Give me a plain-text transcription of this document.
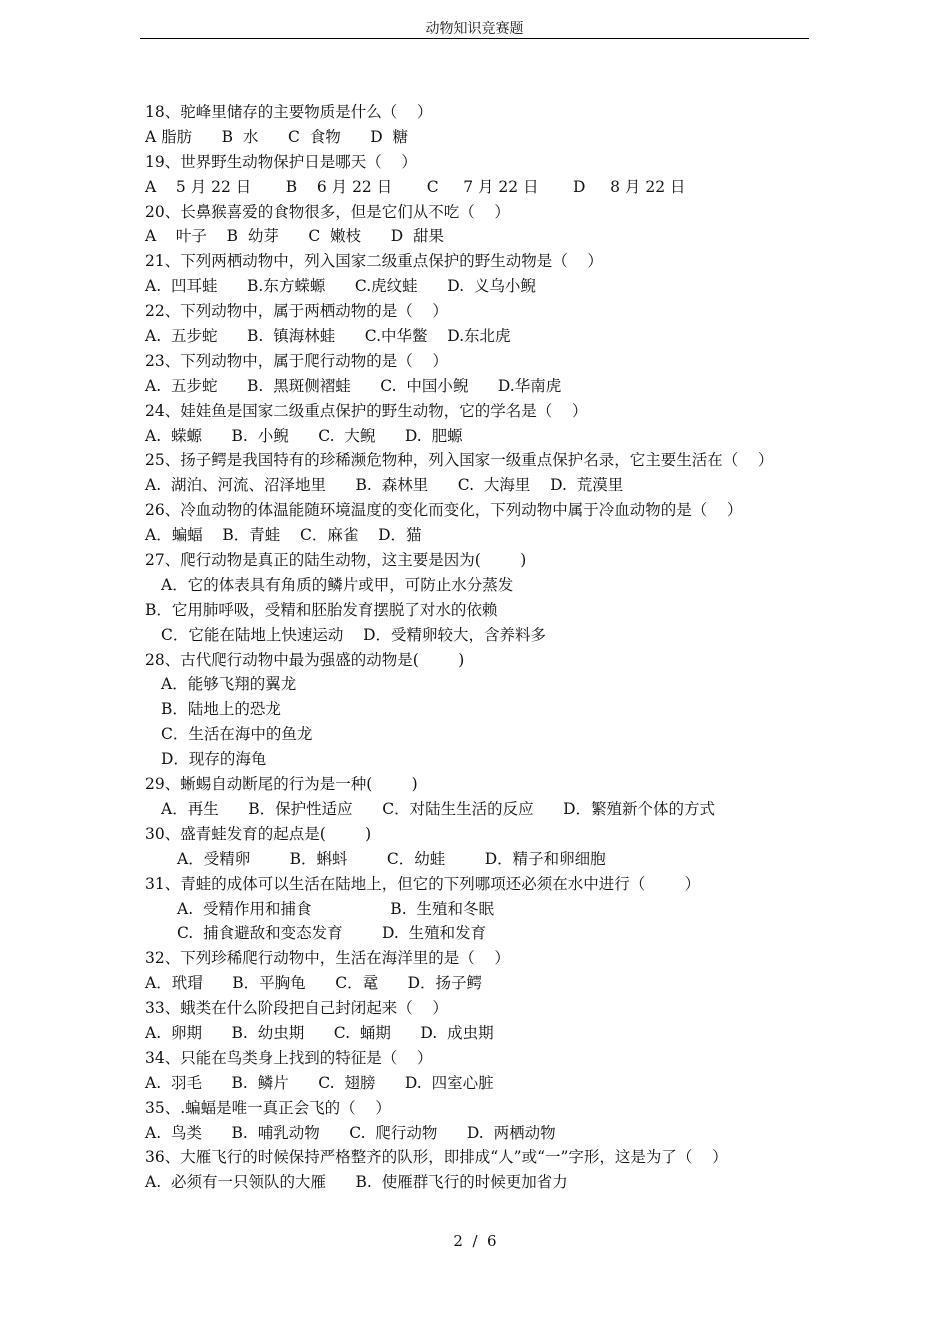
动物知识竞赛题
18、驼峰里储存的主要物质是什么（    ）
A 脂肪      B  水      C  食物      D  糖
19、世界野生动物保护日是哪天（    ）
A    5 月 22 日       B    6 月 22 日       C     7 月 22 日       D     8 月 22 日
20、长鼻猴喜爱的食物很多，但是它们从不吃（    ）
A    叶子    B  幼芽      C  嫩枝      D  甜果
21、下列两栖动物中，列入国家二级重点保护的野生动物是（    ）
A.  凹耳蛙      B.东方蝾螈      C.虎纹蛙      D.  义乌小鲵
22、下列动物中，属于两栖动物的是（    ）
A.  五步蛇      B.  镇海林蛙      C.中华鳖    D.东北虎
23、下列动物中，属于爬行动物的是（    ）
A.  五步蛇      B.  黑斑侧褶蛙      C.  中国小鲵      D.华南虎
24、娃娃鱼是国家二级重点保护的野生动物，它的学名是（    ）
A.  蝾螈      B.  小鲵      C.  大鲵      D.  肥螈
25、扬子鳄是我国特有的珍稀濒危物种，列入国家一级重点保护名录，它主要生活在（    ）
A.  湖泊、河流、沼泽地里      B.  森林里      C.  大海里    D.  荒漠里
26、冷血动物的体温能随环境温度的变化而变化，下列动物中属于冷血动物的是（    ）
A．蝙蝠    B．青蛙    C．麻雀    D．猫
27、爬行动物是真正的陆生动物，这主要是因为(        )
A．它的体表具有角质的鳞片或甲，可防止水分蒸发
B．它用肺呼吸，受精和胚胎发育摆脱了对水的依赖
C．它能在陆地上快速运动    D．受精卵较大，含养料多
28、古代爬行动物中最为强盛的动物是(        )
A．能够飞翔的翼龙
B．陆地上的恐龙
C．生活在海中的鱼龙
D．现存的海龟
29、蜥蜴自动断尾的行为是一种(        )
A．再生      B．保护性适应      C．对陆生生活的反应      D．繁殖新个体的方式
30、盛青蛙发育的起点是(        )
A．受精卵        B．蝌蚪        C．幼蛙        D．精子和卵细胞
31、青蛙的成体可以生活在陆地上，但它的下列哪项还必须在水中进行（        ）
A.  受精作用和捕食                B.  生殖和冬眠
C.  捕食避敌和变态发育        D.  生殖和发育
32、下列珍稀爬行动物中，生活在海洋里的是（    ）
A．玳瑁      B．平胸龟      C．鼋      D．扬子鳄
33、蛾类在什么阶段把自己封闭起来（    ）
A.  卵期      B.  幼虫期      C.  蛹期      D.  成虫期
34、只能在鸟类身上找到的特征是（    ）
A.  羽毛      B.  鳞片      C.  翅膀      D.  四室心脏
35、.蝙蝠是唯一真正会飞的（    ）
A.  鸟类      B.  哺乳动物      C.  爬行动物      D.  两栖动物
36、大雁飞行的时候保持严格整齐的队形，即排成“人”或“一”字形，这是为了（    ）
A.  必须有一只领队的大雁      B.  使雁群飞行的时候更加省力
2  /  6
